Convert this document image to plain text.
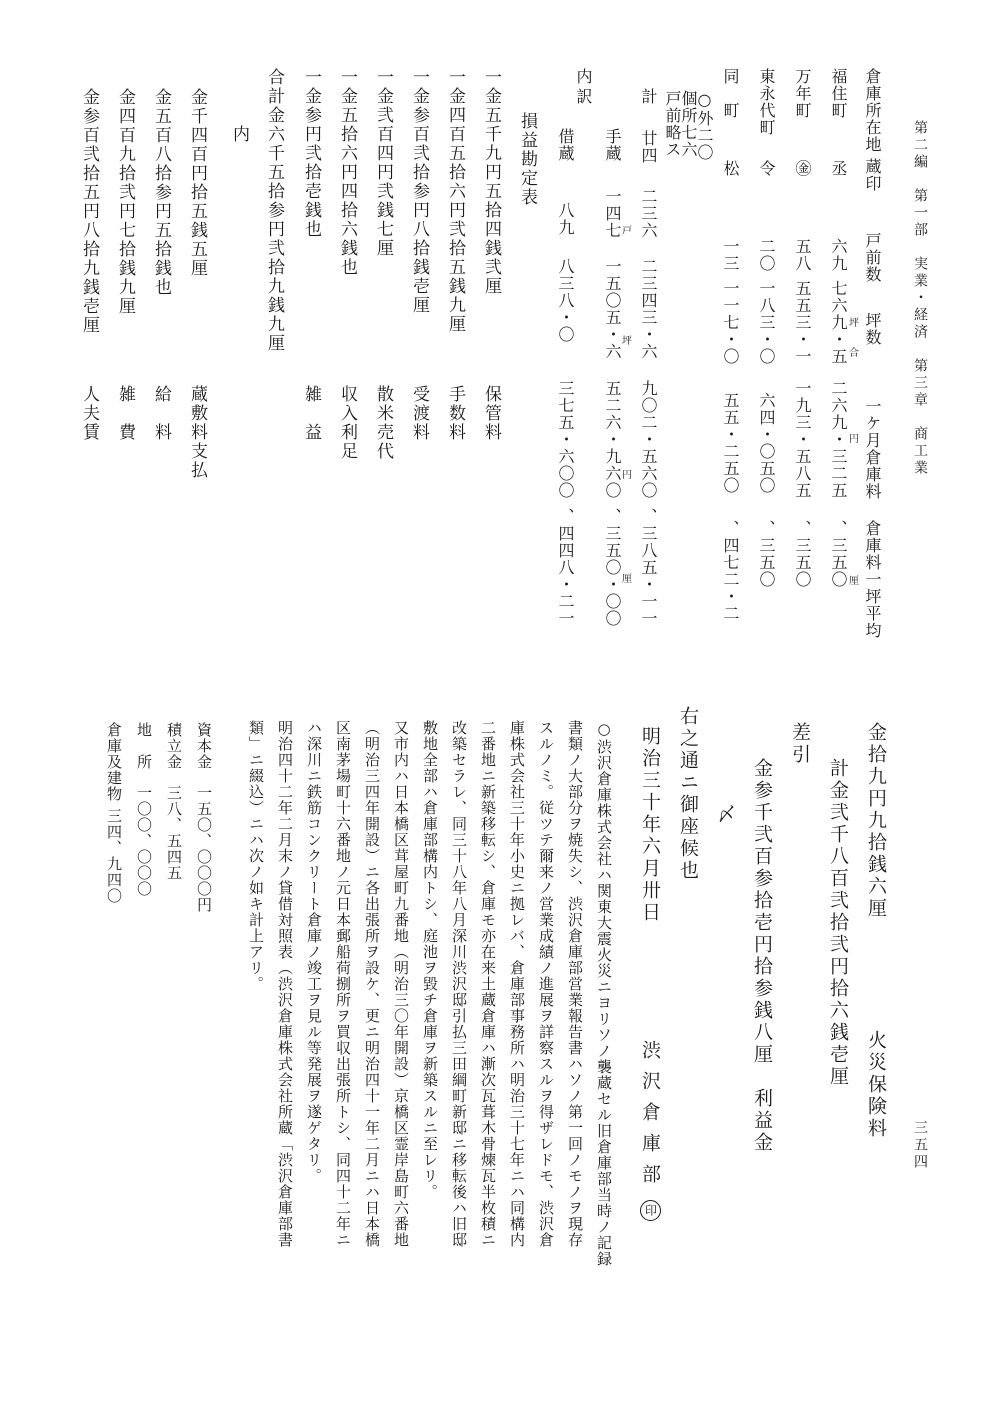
第二編　第一部　実業・経済　第三章　商工業
三五四
倉庫所在地
蔵印
戸前数
坪数
一ケ月倉庫料
倉庫料一坪平均
福住町
丞
六九
七六九・五
二六九・三二五
、三五〇
坪
合
円
厘
万年町
㊎
五八
五五三・一
一九三・五八五
、三五〇
東永代町
令
二〇
一八三・〇
六四・〇五〇
、三五〇
同　町
松
一三
一一七・〇
五五・二五〇
、四七二・二
○外二〇個所七六戸前略ス
計
廿四
二三六
二三四三・六
九〇二・五六〇
、三八五・一一
内訳
手蔵
一四七
一五〇五・六
五二六・九六〇
、三五〇・〇〇
戸
坪
円
厘
借蔵
八九
八三八・〇
三七五・六〇〇
、四四八・二一
損益勘定表
一金五千九円五拾四銭弐厘
保管料
一金四百五拾六円弐拾五銭九厘
手数料
一金参百弐拾参円八拾銭壱厘
受渡料
一金弐百四円弐銭七厘
散米売代
一金五拾六円四拾六銭也
収入利足
一金参円弐拾壱銭也
雑　益
合計金六千五拾参円弐拾九銭九厘
内
金千四百円拾五銭五厘
蔵敷料支払
金五百八拾参円五拾銭也
給　料
金四百九拾弐円七拾銭九厘
雑　費
金参百弐拾五円八拾九銭壱厘
人夫賃
金拾九円九拾銭六厘
火災保険料
計金弐千八百弐拾弐円拾六銭壱厘
差引
金参千弐百参拾壱円拾参銭八厘　利益金
〆
右之通ニ御座候也
明治三十年六月卅日
渋沢倉庫部
印
○渋沢倉庫株式会社ハ関東大震火災ニヨリソノ襲蔵セル旧倉庫部当時ノ記録
書類ノ大部分ヲ焼失シ、渋沢倉庫部営業報告書ハソノ第一回ノモノヲ現存
スルノミ。従ツテ爾来ノ営業成績ノ進展ヲ詳察スルヲ得ザレドモ、渋沢倉
庫株式会社三十年小史ニ拠レバ、倉庫部事務所ハ明治三十七年ニハ同構内
二番地ニ新築移転シ、倉庫モ亦在来土蔵倉庫ハ漸次瓦葺木骨煉瓦半枚積ニ
改築セラレ、同三十八年八月深川渋沢邸引払三田綱町新邸ニ移転後ハ旧邸
敷地全部ハ倉庫部構内トシ、庭池ヲ毀チ倉庫ヲ新築スルニ至レリ。
又市内ハ日本橋区茸屋町九番地（明治三〇年開設）京橋区霊岸島町六番地
（明治三四年開設）ニ各出張所ヲ設ケ、更ニ明治四十一年二月ニハ日本橋
区南茅場町十六番地ノ元日本郵船荷捌所ヲ買収出張所トシ、同四十二年ニ
ハ深川ニ鉄筋コンクリート倉庫ノ竣工ヲ見ル等発展ヲ遂ゲタリ。
明治四十二年二月末ノ貸借対照表（渋沢倉庫株式会社所蔵「渋沢倉庫部書
類」ニ綴込）ニハ次ノ如キ計上アリ。
資本金
一五〇、〇〇〇円
積立金
三八、五四五
地　所
一〇〇、〇〇〇
倉庫及建物
三四、九四〇
